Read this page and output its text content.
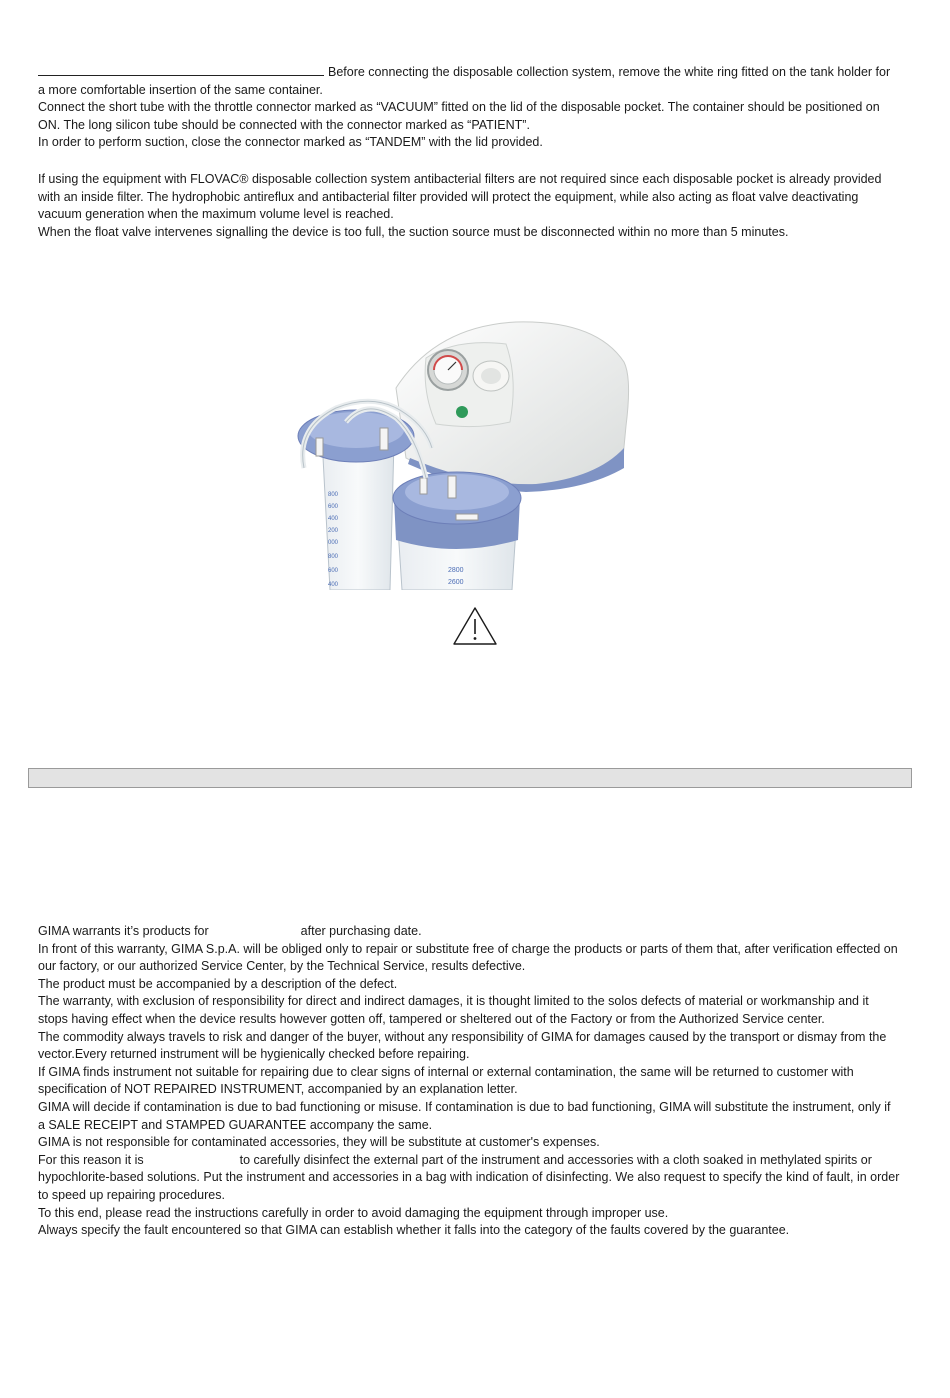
Before connecting the disposable collection system, remove the white ring fitted on the tank holder for

a more comfortable insertion of the same container.

Connect the short tube with the throttle connector marked as “VACUUM” fitted on the lid of the disposable pocket. The container should be positioned on

ON. The long silicon tube should be connected with the connector marked as “PATIENT”.

In order to perform suction, close the connector marked as “TANDEM” with the lid provided.

If using the equipment with FLOVAC® disposable collection system antibacterial filters are not required since each disposable pocket is already provided

with an inside filter. The hydrophobic antireflux and antibacterial filter provided will protect the equipment, while also acting as float valve deactivating

vacuum generation when the maximum volume level is reached.

When the float valve intervenes signalling the device is too full, the suction source must be disconnected within no more than 5 minutes.

800
600
400
200
000
800
600
400
2800
2600

GIMA warrants it’s products for	after purchasing date.

In front of this warranty, GIMA S.p.A. will be obliged only to repair or substitute free of charge the products or parts of them that, after verification effected on

our factory, or our authorized Service Center, by the Technical Service, results defective.

The product must be accompanied by a description of the defect.

The warranty, with exclusion of responsibility for direct and indirect damages, it is thought limited to the solos defects of material or workmanship and it

stops having effect when the device results however gotten off, tampered or sheltered out of the Factory or from the Authorized Service center.

The commodity always travels to risk and danger of the buyer, without any responsibility of GIMA for damages caused by the transport or dismay from the

vector.Every returned instrument will be hygienically checked before repairing.

If GIMA finds instrument not suitable for repairing due to clear signs of internal or external contamination, the same will be returned to customer with

specification of NOT REPAIRED INSTRUMENT, accompanied by an explanation letter.

GIMA will decide if contamination is due to bad functioning or misuse. If contamination is due to bad functioning, GIMA will substitute the instrument, only if

a SALE RECEIPT and STAMPED GUARANTEE accompany the same.

GIMA is not responsible for contaminated accessories, they will be substitute at customer's expenses.

For this reason it is	to carefully disinfect the external part of the instrument and accessories with a cloth soaked in methylated spirits or

hypochlorite-based solutions. Put the instrument and accessories in a bag with indication of disinfecting. We also request to specify the kind of fault, in order

to speed up repairing procedures.

To this end, please read the instructions carefully in order to avoid damaging the equipment through improper use.

Always specify the fault encountered so that GIMA can establish whether it falls into the category of the faults covered by the guarantee.
